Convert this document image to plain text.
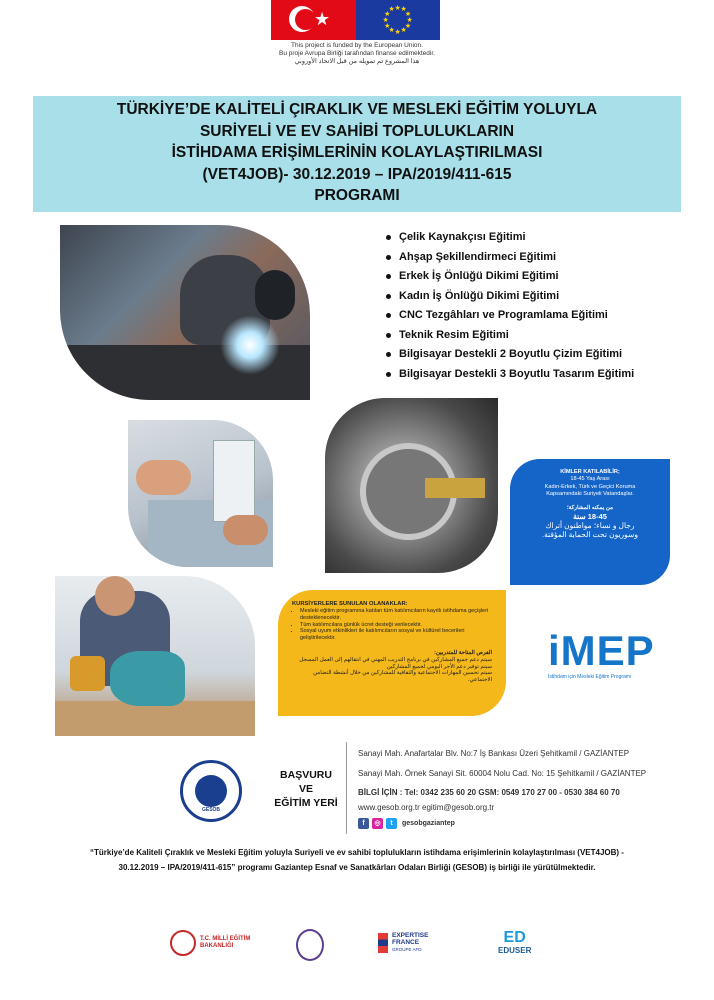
★
★ ★
★
★
★
★
★
★
★
★
★
★
This project is funded by the European Union.
Bu proje Avrupa Birliği tarafından finanse edilmektedir.
هذا المشروع تم تمويله من قبل الاتحاد الأوروبي
TÜRKİYE’DE KALİTELİ ÇIRAKLIK VE MESLEKİ EĞİTİM YOLUYLA
SURİYELİ VE EV SAHİBİ TOPLULUKLARIN
İSTİHDAMA ERİŞİMLERİNİN KOLAYLAŞTIRILMASI
(VET4JOB)- 30.12.2019 – IPA/2019/411-615
PROGRAMI
Çelik Kaynakçısı Eğitimi
Ahşap Şekillendirmeci Eğitimi
Erkek İş Önlüğü Dikimi Eğitimi
Kadın İş Önlüğü Dikimi Eğitimi
CNC Tezgâhları ve Programlama Eğitimi
Teknik Resim Eğitimi
Bilgisayar Destekli 2 Boyutlu Çizim Eğitimi
Bilgisayar Destekli 3 Boyutlu Tasarım Eğitimi
KİMLER KATILABİLİR;
18-45 Yaş Arası
Kadın-Erkek, Türk ve Geçici Koruma
Kapsamındaki Suriyeli Vatandaşlar.
من يمكنه المشاركة؛
18-45 سنة
رجال و نساء؛ مواطنون أتراك
وسوريون تحت الحماية المؤقتة.
KURSİYERLERE SUNULAN OLANAKLAR:
• Mesleki eğitim programına katılan tüm katılımcıların kayıtlı istihdama geçişleri desteklenecektir.
• Tüm katılımcılara günlük ücret desteği verilecektir.
• Sosyal uyum etkinlikleri ile katılımcıların sosyal ve kültürel becerileri geliştirilecektir.
الفرص المتاحة للمتدربين:
سيتم دعم جميع المشاركين في برنامج التدريب المهني في انتقالهم إلى العمل المسجل
سيتم توفير دعم الأجر اليومي لجميع المشاركين
سيتم تحسين المهارات الاجتماعية والثقافية للمشاركين من خلال أنشطة التضامن الاجتماعي.
iMEP
İstihdam için Mesleki Eğitim Programı
GESOB
BAŞVURU
VE
EĞİTİM YERİ
Sanayi Mah. Anafartalar Blv. No:7 İş Bankası Üzeri Şehitkamil / GAZİANTEP
Sanayi Mah. Örnek Sanayi Sit. 60004 Nolu Cad. No: 15 Şehitkamil / GAZİANTEP
BİLGİ İÇİN : Tel: 0342 235 60 20 GSM: 0549 170 27 00 - 0530 384 60 70
www.gesob.org.tr egitim@gesob.org.tr
f	◎	t	gesobgaziantep
“Türkiye’de Kaliteli Çıraklık ve Mesleki Eğitim yoluyla Suriyeli ve ev sahibi toplulukların istihdama erişimlerinin kolaylaştırılması (VET4JOB) -
30.12.2019 – IPA/2019/411-615” programı Gaziantep Esnaf ve Sanatkârları Odaları Birliği (GESOB) iş birliği ile yürütülmektedir.
T.C. MİLLİ EĞİTİM
BAKANLIĞI
EXPERTISE
FRANCE
GROUPE AFD
ED
EDUSER
